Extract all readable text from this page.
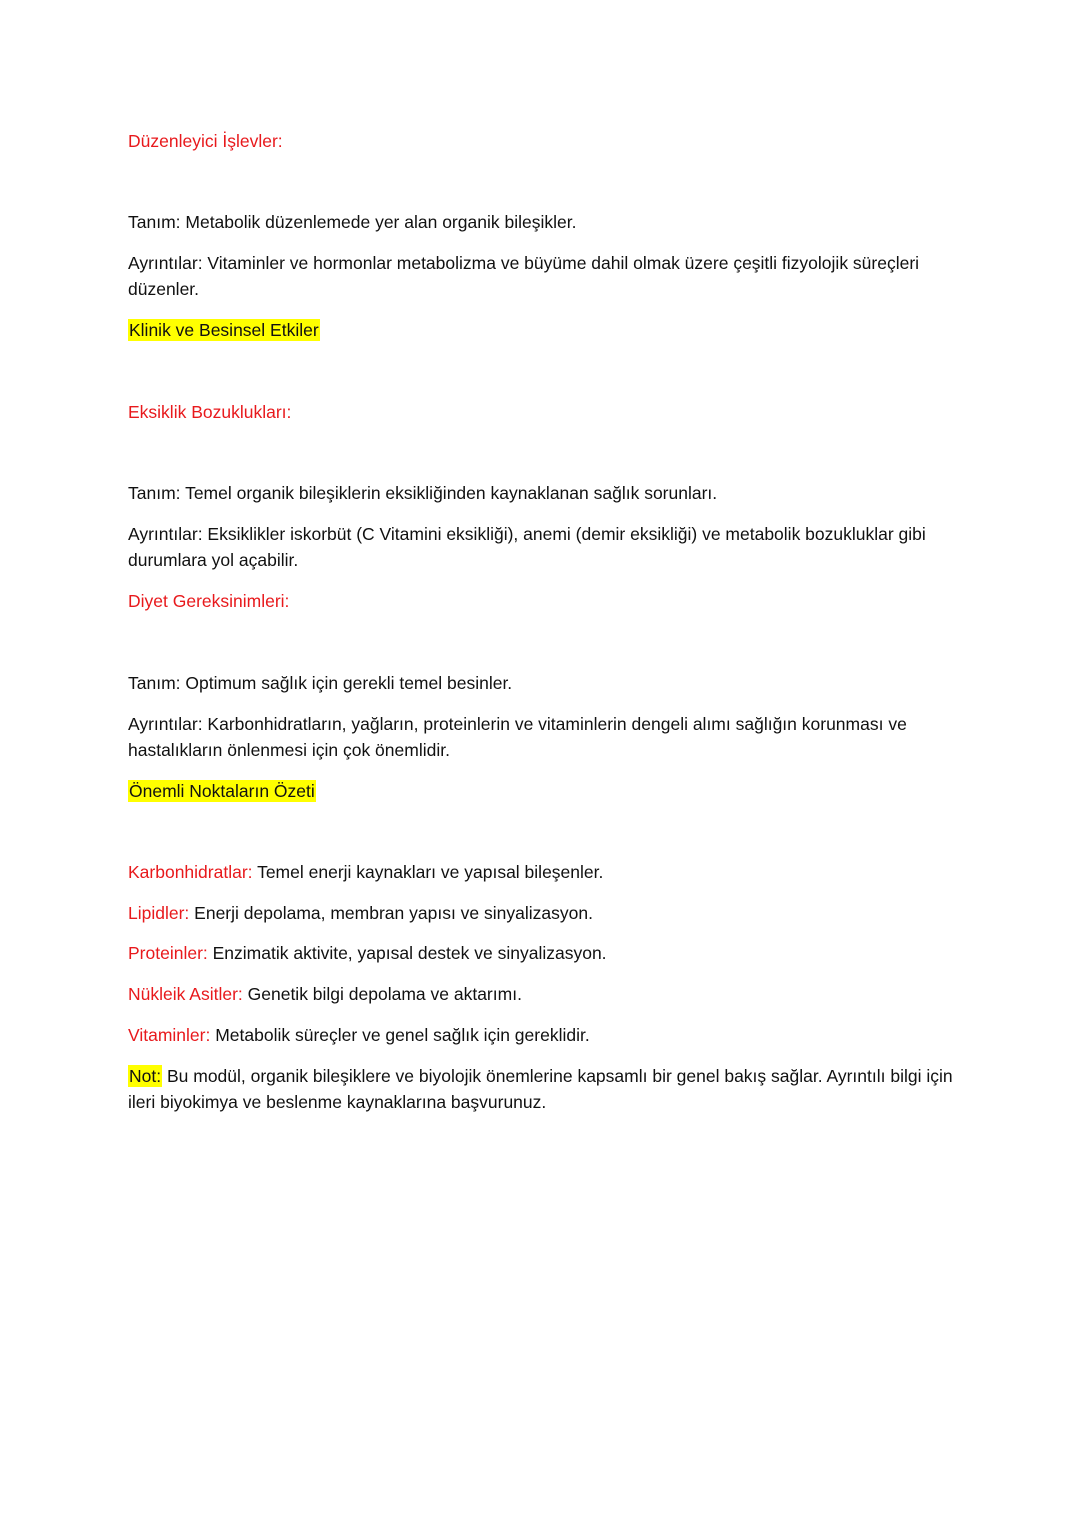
Düzenleyici İşlevler:
Tanım: Metabolik düzenlemede yer alan organik bileşikler.
Ayrıntılar: Vitaminler ve hormonlar metabolizma ve büyüme dahil olmak üzere çeşitli fizyolojik süreçleri düzenler.
Klinik ve Besinsel Etkiler
Eksiklik Bozuklukları:
Tanım: Temel organik bileşiklerin eksikliğinden kaynaklanan sağlık sorunları.
Ayrıntılar: Eksiklikler iskorbüt (C Vitamini eksikliği), anemi (demir eksikliği) ve metabolik bozukluklar gibi durumlara yol açabilir.
Diyet Gereksinimleri:
Tanım: Optimum sağlık için gerekli temel besinler.
Ayrıntılar: Karbonhidratların, yağların, proteinlerin ve vitaminlerin dengeli alımı sağlığın korunması ve hastalıkların önlenmesi için çok önemlidir.
Önemli Noktaların Özeti
Karbonhidratlar: Temel enerji kaynakları ve yapısal bileşenler.
Lipidler: Enerji depolama, membran yapısı ve sinyalizasyon.
Proteinler: Enzimatik aktivite, yapısal destek ve sinyalizasyon.
Nükleik Asitler: Genetik bilgi depolama ve aktarımı.
Vitaminler: Metabolik süreçler ve genel sağlık için gereklidir.
Not: Bu modül, organik bileşiklere ve biyolojik önemlerine kapsamlı bir genel bakış sağlar. Ayrıntılı bilgi için ileri biyokimya ve beslenme kaynaklarına başvurunuz.
